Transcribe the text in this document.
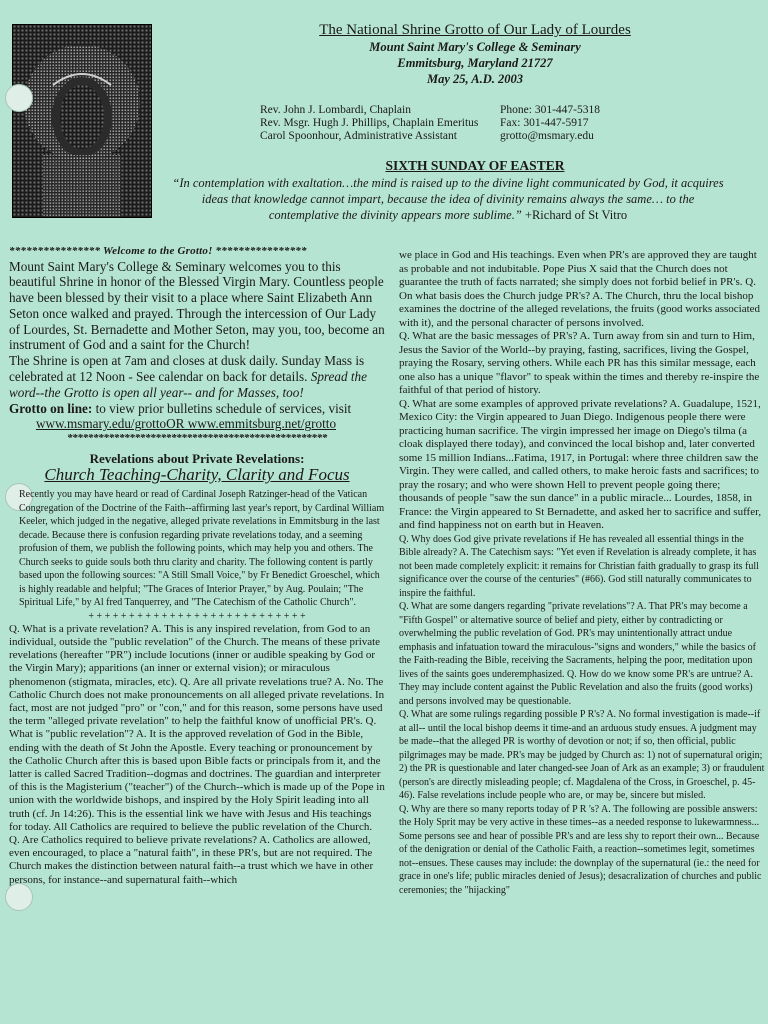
The National Shrine Grotto of Our Lady of Lourdes

Mount Saint Mary's College & Seminary

Emmitsburg, Maryland 21727

May 25, A.D. 2003

Rev. John J. Lombardi, Chaplain
Rev. Msgr. Hugh J. Phillips, Chaplain Emeritus
Carol Spoonhour, Administrative Assistant
Phone: 301-447-5318
Fax: 301-447-5917
grotto@msmary.edu
SIXTH SUNDAY OF EASTER
“In contemplation with exaltation…the mind is raised up to the divine light communicated by God, it acquires ideas that knowledge cannot impart, because the idea of divinity remains always the same… to the contemplative the divinity appears more sublime.” +Richard of St Vitro

**************** Welcome to the Grotto! ****************

Mount Saint Mary's College & Seminary welcomes you to this beautiful Shrine in honor of the Blessed Virgin Mary. Countless people have been blessed by their visit to a place where Saint Elizabeth Ann Seton once walked and prayed. Through the intercession of Our Lady of Lourdes, St. Bernadette and Mother Seton, may you, too, become an instrument of God and a saint for the Church!

The Shrine is open at 7am and closes at dusk daily. Sunday Mass is celebrated at 12 Noon - See calendar on back for details. Spread the word--the Grotto is open all year-- and for Masses, too!

Grotto on line: to view prior bulletins schedule of services, visit

www.msmary.edu/grottoOR www.emmitsburg.net/grotto

**************************************************

Revelations about Private Revelations:

Church Teaching-Charity, Clarity and Focus

Recently you may have heard or read of Cardinal Joseph Ratzinger-head of the Vatican Congregation of the Doctrine of the Faith--affirming last year's report, by Cardinal William Keeler, which judged in the negative, alleged private revelations in Emmitsburg in the last decade. Because there is confusion regarding private revelations today, and a seeming profusion of them, we publish the following points, which may help you and others. The Church seeks to guide souls both thru clarity and charity. The following content is partly based upon the following sources: "A Still Small Voice," by Fr Benedict Groeschel, which is highly readable and helpful; "The Graces of Interior Prayer," by Aug. Poulain; "The Spiritual Life," by Al fred Tanquerrey, and "The Catechism of the Catholic Church".

+ + + + + + + + + + + + + + + + + + + + + + + + + + +

Q. What is a private revelation? A. This is any inspired revelation, from God to an individual, outside the "public revelation" of the Church. The means of these private revelations (hereafter "PR") include locutions (inner or audible speaking by God or the Virgin Mary); apparitions (an inner or external vision); or miraculous phenomenon (stigmata, miracles, etc). Q. Are all private revelations true? A. No. The Catholic Church does not make pronouncements on all alleged private revelations. In fact, most are not judged "pro" or "con," and for this reason, some persons have used the term "alleged private revelation" to help the faithful know of unofficial PR's. Q. What is "public revelation"? A. It is the approved revelation of God in the Bible, ending with the death of St John the Apostle. Every teaching or pronouncement by the Catholic Church after this is based upon Bible facts or principals from it, and the latter is called Sacred Tradition--dogmas and doctrines. The guardian and interpreter of this is the Magisterium ("teacher") of the Church--which is made up of the Pope in union with the worldwide bishops, and inspired by the Holy Spirit leading into all truth (cf. Jn 14:26). This is the essential link we have with Jesus and His teachings for today. All Catholics are required to believe the public revelation of the Church. Q. Are Catholics required to believe private revelations? A. Catholics are allowed, even encouraged, to place a "natural faith", in these PR's, but are not required. The Church makes the distinction between natural faith--a trust which we have in other persons, for instance--and supernatural faith--which

we place in God and His teachings. Even when PR's are approved they are taught as probable and not indubitable. Pope Pius X said that the Church does not guarantee the truth of facts narrated; she simply does not forbid belief in PR's. Q. On what basis does the Church judge PR's? A. The Church, thru the local bishop examines the doctrine of the alleged revelations, the fruits (good works associated with it), and the personal character of persons involved.

Q. What are the basic messages of PR's? A. Turn away from sin and turn to Him, Jesus the Savior of the World--by praying, fasting, sacrifices, living the Gospel, praying the Rosary, serving others. While each PR has this similar message, each one also has a unique "flavor" to speak within the times and thereby re-inspire the faithful of that period of history.

Q. What are some examples of approved private revelations? A. Guadalupe, 1521, Mexico City: the Virgin appeared to Juan Diego. Indigenous people there were practicing human sacrifice. The virgin impressed her image on Diego's tilma (a cloak displayed there today), and convinced the local bishop and, later converted some 15 million Indians...Fatima, 1917, in Portugal: where three children saw the Virgin. They were called, and called others, to make heroic fasts and sacrifices; to pray the rosary; and who were shown Hell to prevent people going there; thousands of people "saw the sun dance" in a public miracle... Lourdes, 1858, in France: the Virgin appeared to St Bernadette, and asked her to sacrifice and suffer, and find happiness not on earth but in Heaven.

Q. Why does God give private revelations if He has revealed all essential things in the Bible already? A. The Catechism says: "Yet even if Revelation is already complete, it has not been made completely explicit: it remains for Christian faith gradually to grasp its full significance over the course of the centuries" (#66). God still naturally communicates to inspire the faithful.

Q. What are some dangers regarding "private revelations"? A. That PR's may become a "Fifth Gospel" or alternative source of belief and piety, either by contradicting or overwhelming the public revelation of God. PR's may unintentionally attract undue emphasis and infatuation toward the miraculous-"signs and wonders," while the basics of the Faith-reading the Bible, receiving the Sacraments, helping the poor, meditation upon lives of the saints goes underemphasized. Q. How do we know some PR's are untrue? A. They may include content against the Public Revelation and also the fruits (good works) and persons involved may be questionable.

Q. What are some rulings regarding possible P R's? A. No formal investigation is made--if at all-- until the local bishop deems it time-and an arduous study ensues. A judgment may be made--that the alleged PR is worthy of devotion or not; if so, then official, public pilgrimages may be made. PR's may be judged by Church as: 1) not of supernatural origin; 2) the PR is questionable and later changed-see Joan of Ark as an example; 3) or fraudulent (person's are directly misleading people; cf. Magdalena of the Cross, in Groeschel, p. 45-46). False revelations include people who are, or may be, sincere but misled.

Q. Why are there so many reports today of P R 's? A. The following are possible answers: the Holy Sprit may be very active in these times--as a needed response to lukewarmness... Some persons see and hear of possible PR's and are less shy to report their own... Because of the denigration or denial of the Catholic Faith, a reaction--sometimes legit, sometimes not--ensues. These causes may include: the downplay of the supernatural (ie.: the need for grace in one's life; public miracles denied of Jesus); desacralization of churches and public ceremonies; the "hijacking"
